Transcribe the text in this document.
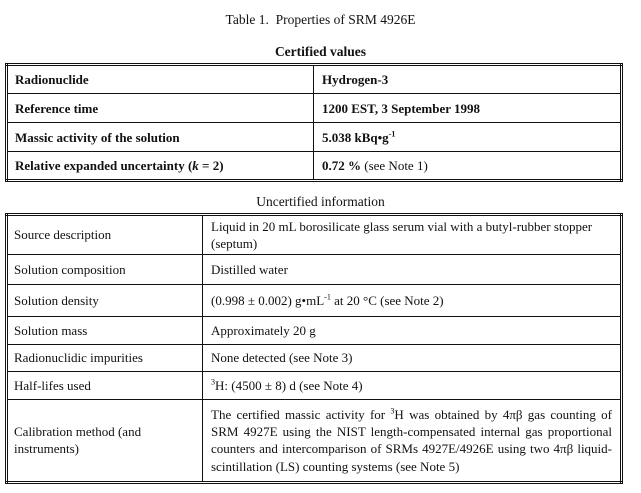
Table 1.  Properties of SRM 4926E
Certified values
Radionuclide	Hydrogen-3
Reference time	1200 EST, 3 September 1998
Massic activity of the solution	5.038 $kBq•g^{-1}$
Relative expanded uncertainty (k = 2)	0.72 % (see Note 1)
Uncertified information
Source description	Liquid in 20 mL borosilicate glass serum vial with a butyl-rubber stopper (septum)
Solution composition	Distilled water
Solution density	(0.998 ± 0.002) $g•mL^{-1}$ at 20 °C (see Note 2)
Solution mass	Approximately 20 g
Radionuclidic impurities	None detected (see Note 3)
Half-lifes used	$^3$H: (4500 ± 8) d (see Note 4)
Calibration method (and instruments)	The certified massic activity for $^3$H was obtained by 4πβ gas counting of SRM 4927E using the NIST length-compensated internal gas proportional counters and intercomparison of SRMs 4927E/4926E using two 4πβ liquid-scintillation (LS) counting systems (see Note 5)
